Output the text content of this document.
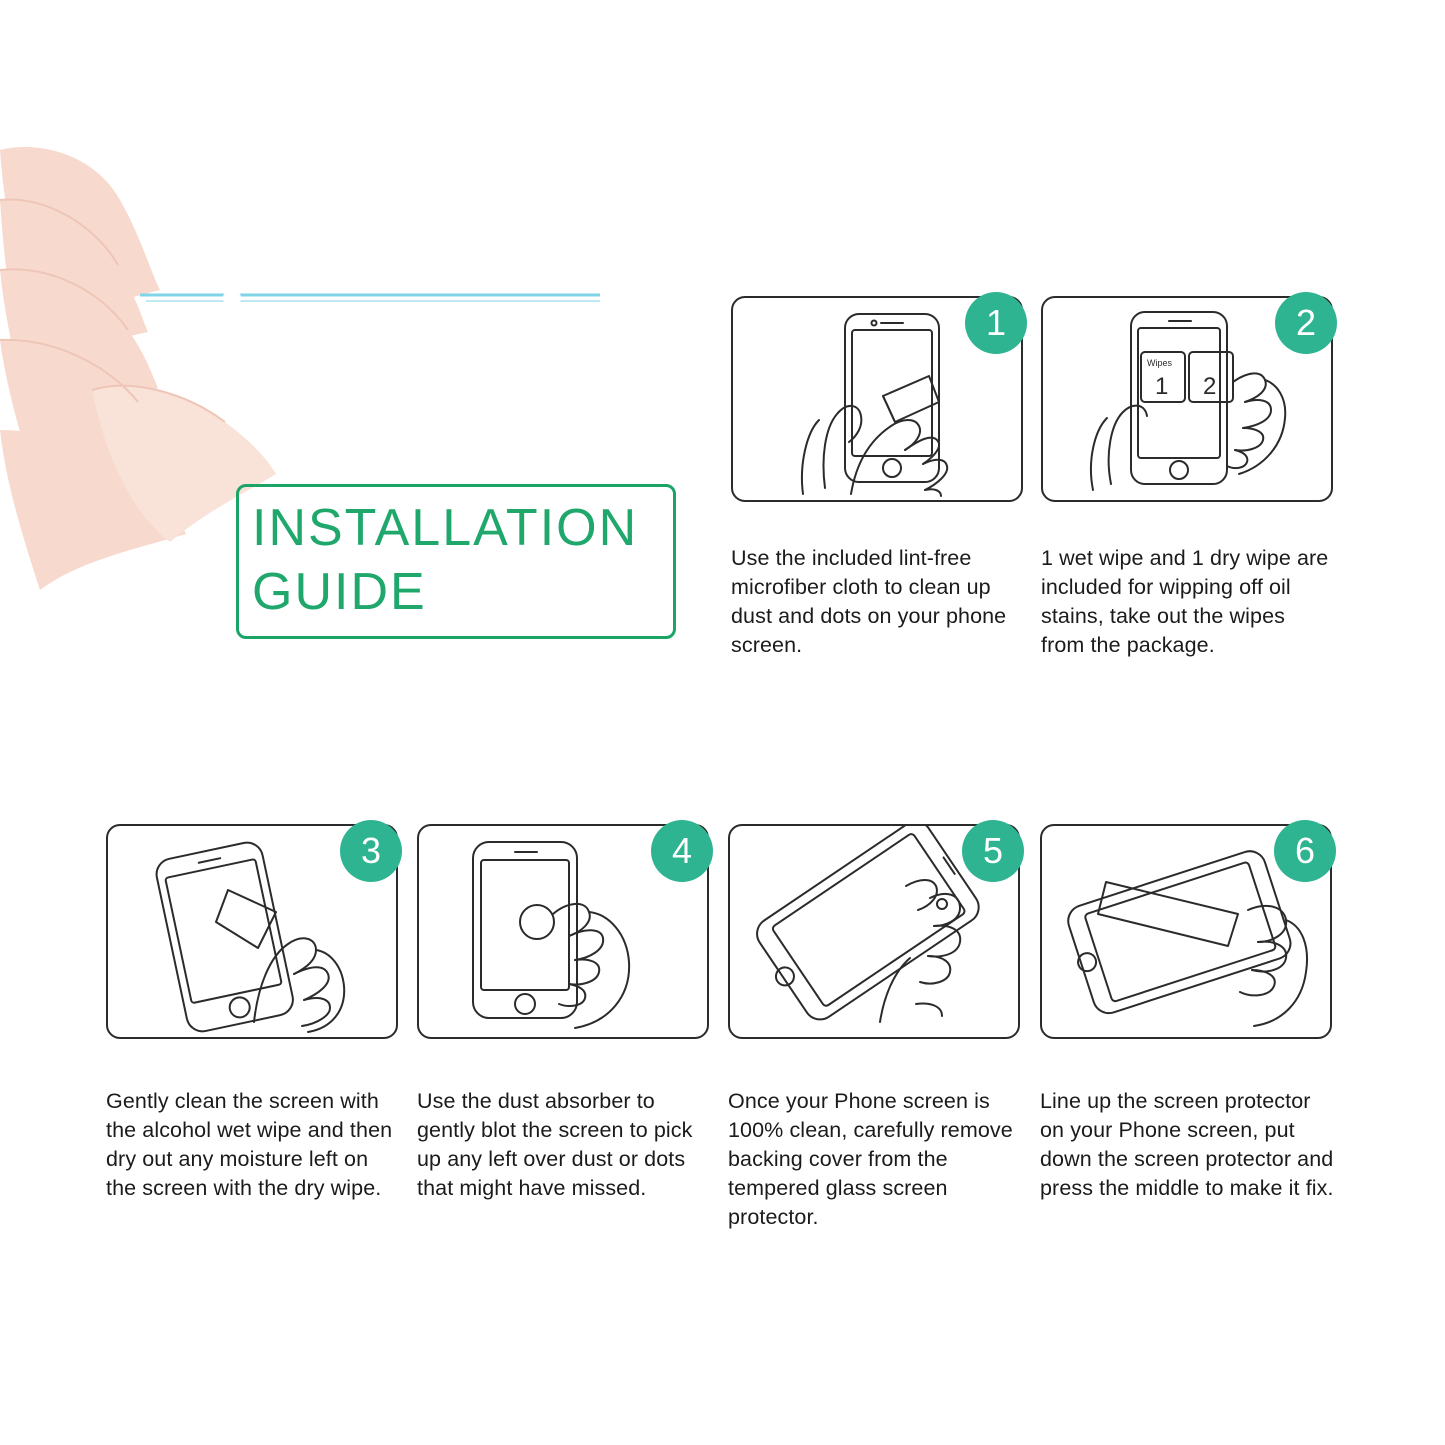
INSTALLATION
GUIDE
1
Use the included lint-free microfiber cloth to clean up dust and dots on your phone screen.
Wipes
1 2
2
1 wet wipe and 1 dry wipe are included for wipping off oil stains, take out the wipes from the package.
3
Gently clean the screen with the alcohol wet wipe and then dry out any moisture left on the screen with the dry wipe.
4
Use the dust absorber to gently blot the screen to pick up any left over dust or dots that might have missed.
5
Once your Phone screen is 100% clean, carefully remove backing cover from the tempered glass screen protector.
6
Line up the screen protector on your Phone screen, put down the screen protector and press the middle to make it fix.
